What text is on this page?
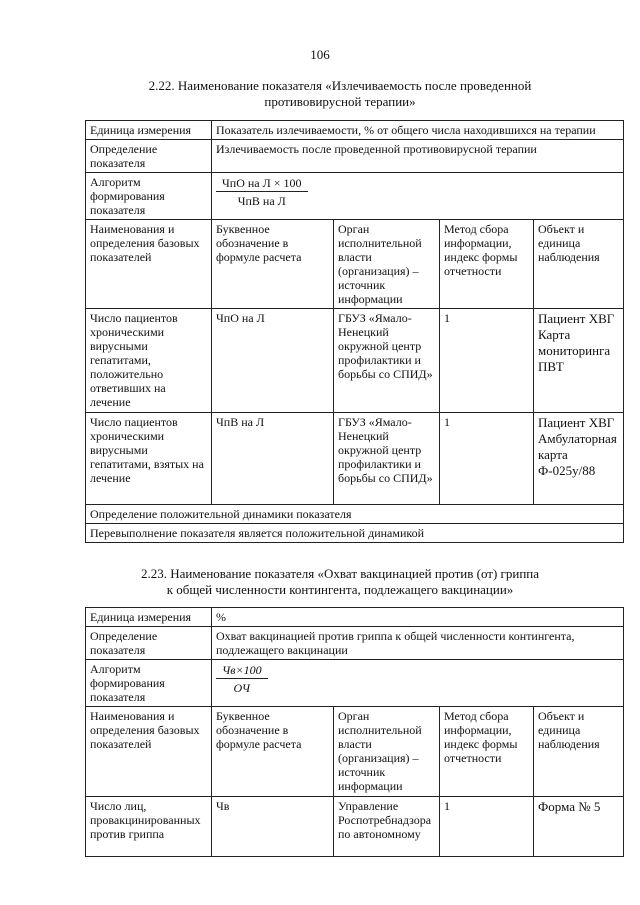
106
2.22. Наименование показателя «Излечиваемость после проведенной
противовирусной терапии»
Единица измерения	Показатель излечиваемости, % от общего числа находившихся на терапии			
Определение показателя	Излечиваемость после проведенной противовирусной терапии			
Алгоритм формирования показателя	$\frac{\text{ЧпО на Л × 100}}{\text{ЧпВ на Л}}$

Наименования и определения базовых показателей	Буквенное обозначение в формуле расчета	Орган исполнительной власти (организация) – источник информации	Метод сбора информации, индекс формы отчетности	Объект и единица наблюдения
Число пациентов хроническими вирусными гепатитами, положительно ответивших на лечение	ЧпО на Л	ГБУЗ «Ямало-Ненецкий окружной центр профилактики и борьбы со СПИД»	1	Пациент ХВГ Карта мониторинга ПВТ
Число пациентов хроническими вирусными гепатитами, взятых на лечение	ЧпВ на Л	ГБУЗ «Ямало-Ненецкий окружной центр профилактики и борьбы со СПИД»	1	Пациент ХВГ Амбулаторная карта Ф-025у/88
Определение положительной динамики показателя				
Перевыполнение показателя является положительной динамикой				
2.23. Наименование показателя «Охват вакцинацией против (от) гриппа
к общей численности контингента, подлежащего вакцинации»
Единица измерения	%			
Определение показателя	Охват вакцинацией против гриппа к общей численности контингента, подлежащего вакцинации			
Алгоритм формирования показателя	$\frac{Чв\times 100}{ОЧ}$

Наименования и определения базовых показателей	Буквенное обозначение в формуле расчета	Орган исполнительной власти (организация) – источник информации	Метод сбора информации, индекс формы отчетности	Объект и единица наблюдения
Число лиц, провакцинированных против гриппа	Чв	Управление Роспотребнадзора по автономному	1	Форма № 5
